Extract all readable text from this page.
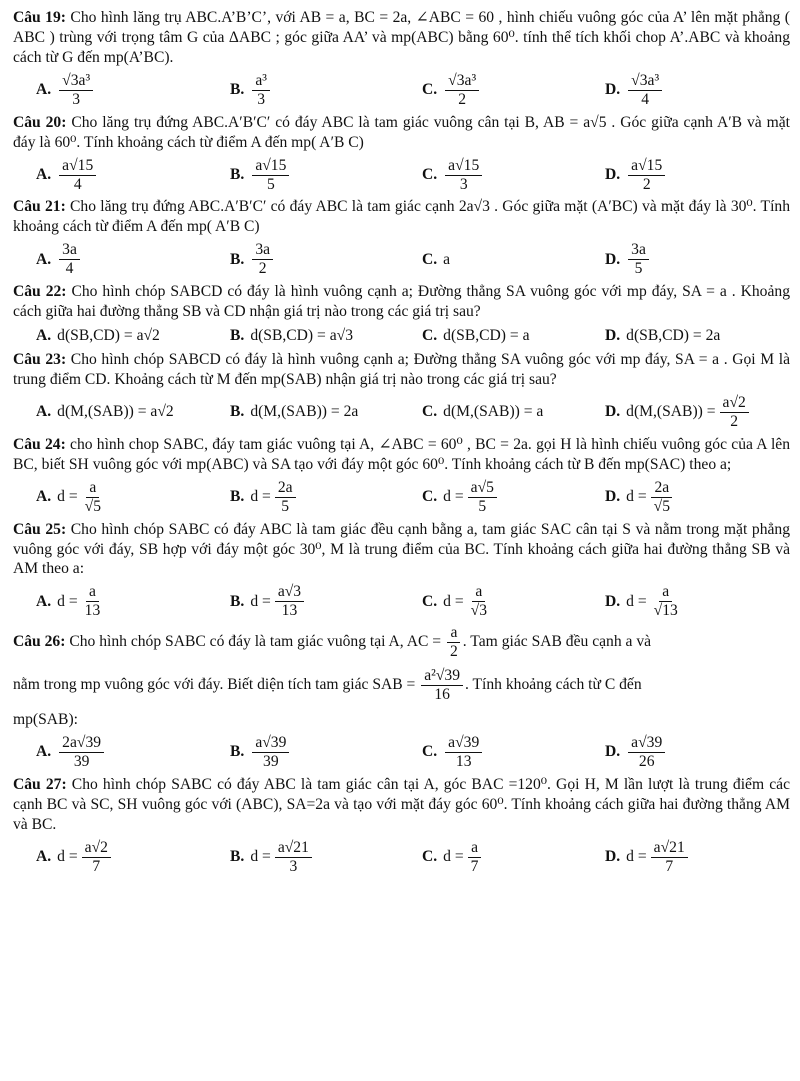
Câu 19: Cho hình lăng trụ ABC.A’B’C’, với AB = a, BC = 2a, ∠ABC = 60 , hình chiếu vuông góc của A’ lên mặt phẳng ( ABC ) trùng với trọng tâm G của ΔABC ; góc giữa AA’ và mp(ABC) bằng 60⁰. tính thể tích khối chop A’.ABC và khoảng cách từ G đến mp(A’BC).
A. $\frac{\text{√3a³}}{3}$	B. $\frac{\text{a³}}{3}$	C. $\frac{\text{√3a³}}{2}$	D. $\frac{\text{√3a³}}{4}$
Câu 20: Cho lăng trụ đứng ABC.A′B′C′ có đáy ABC là tam giác vuông cân tại B, AB = a√5 . Góc giữa cạnh A′B và mặt đáy là 60⁰. Tính khoảng cách từ điểm A đến mp( A′B C)
A. $\frac{a√15}{4}$	B. $\frac{a√15}{5}$	C. $\frac{a√15}{3}$	D. $\frac{a√15}{2}$
Câu 21: Cho lăng trụ đứng ABC.A′B′C′ có đáy ABC là tam giác cạnh 2a√3 . Góc giữa mặt (A′BC) và mặt đáy là 30⁰. Tính khoảng cách từ điểm A đến mp( A′B C)
A. $\frac{3a}{4}$	B. $\frac{3a}{2}$	C. a	D. $\frac{3a}{5}$
Câu 22: Cho hình chóp SABCD có đáy là hình vuông cạnh a; Đường thẳng SA vuông góc với mp đáy, SA = a . Khoảng cách giữa hai đường thẳng SB và CD nhận giá trị nào trong các giá trị sau?
A. d(SB,CD) = a√2	B. d(SB,CD) = a√3	C. d(SB,CD) = a	D. d(SB,CD) = 2a
Câu 23: Cho hình chóp SABCD có đáy là hình vuông cạnh a; Đường thẳng SA vuông góc với mp đáy, SA = a . Gọi M là trung điểm CD. Khoảng cách từ M đến mp(SAB) nhận giá trị nào trong các giá trị sau?
A. d(M,(SAB)) = a√2	B. d(M,(SAB)) = 2a	C. d(M,(SAB)) = a	D. $d(M,(SAB)) = \frac{a√2}{2}$
Câu 24: cho hình chop SABC, đáy tam giác vuông tại A, ∠ABC = 60⁰ , BC = 2a. gọi H là hình chiếu vuông góc của A lên BC, biết SH vuông góc với mp(ABC) và SA tạo với đáy một góc 60⁰. Tính khoảng cách từ B đến mp(SAC) theo a;
A. $d = \frac{a}{√5}$	B. $d = \frac{2a}{5}$	C. $d = \frac{a√5}{5}$	D. $d = \frac{2a}{√5}$
Câu 25: Cho hình chóp SABC có đáy ABC là tam giác đều cạnh bằng a, tam giác SAC cân tại S và nằm trong mặt phẳng vuông góc với đáy, SB hợp với đáy một góc 30⁰, M là trung điểm của BC. Tính khoảng cách giữa hai đường thẳng SB và AM theo a:
A. $d = \frac{a}{13}$	B. $d = \frac{a√3}{13}$	C. $d = \frac{a}{√3}$	D. $d = \frac{a}{√13}$
Câu 26: Cho hình chóp SABC có đáy là tam giác vuông tại A, AC = $\frac{a}{2}$ . Tam giác SAB đều cạnh a và
nằm trong mp vuông góc với đáy. Biết diện tích tam giác SAB = $\frac{\text{a²√39}}{16}$ . Tính khoảng cách từ C đến
mp(SAB):
A. $\frac{2a√39}{39}$	B. $\frac{a√39}{39}$	C. $\frac{a√39}{13}$	D. $\frac{a√39}{26}$
Câu 27: Cho hình chóp SABC có đáy ABC là tam giác cân tại A, góc BAC =120⁰. Gọi H, M lần lượt là trung điểm các cạnh BC và SC, SH vuông góc với (ABC), SA=2a và tạo với mặt đáy góc 60⁰. Tính khoảng cách giữa hai đường thẳng AM và BC.
A. $d = \frac{a√2}{7}$	B. $d = \frac{a√21}{3}$	C. $d = \frac{a}{7}$	D. $d = \frac{a√21}{7}$
